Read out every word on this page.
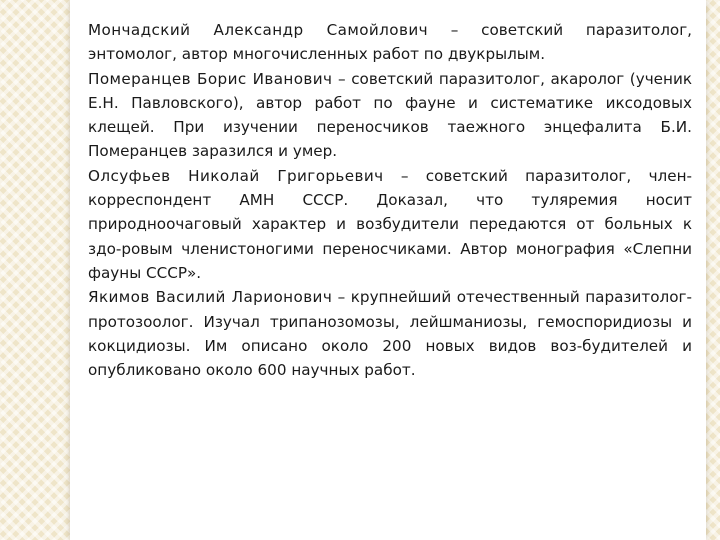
Мончадский Александр Самойлович – советский паразитолог, энтомолог, автор многочисленных работ по двукрылым.

Померанцев Борис Иванович – советский паразитолог, акаролог (ученик Е.Н. Павловского), автор работ по фауне и систематике иксодовых клещей. При изучении переносчиков таежного энцефалита Б.И. Померанцев заразился и умер.

Олсуфьев Николай Григорьевич – советский паразитолог, член-корреспондент АМН СССР. Доказал, что туляремия носит природноочаговый характер и возбудители передаются от больных к здо-ровым членистоногими переносчиками. Автор монография «Слепни фауны СССР».

Якимов Василий Ларионович – крупнейший отечественный паразитолог-протозоолог. Изучал трипанозомозы, лейшманиозы, гемоспоридиозы и кокцидиозы. Им описано около 200 новых видов воз-будителей и опубликовано около 600 научных работ.
